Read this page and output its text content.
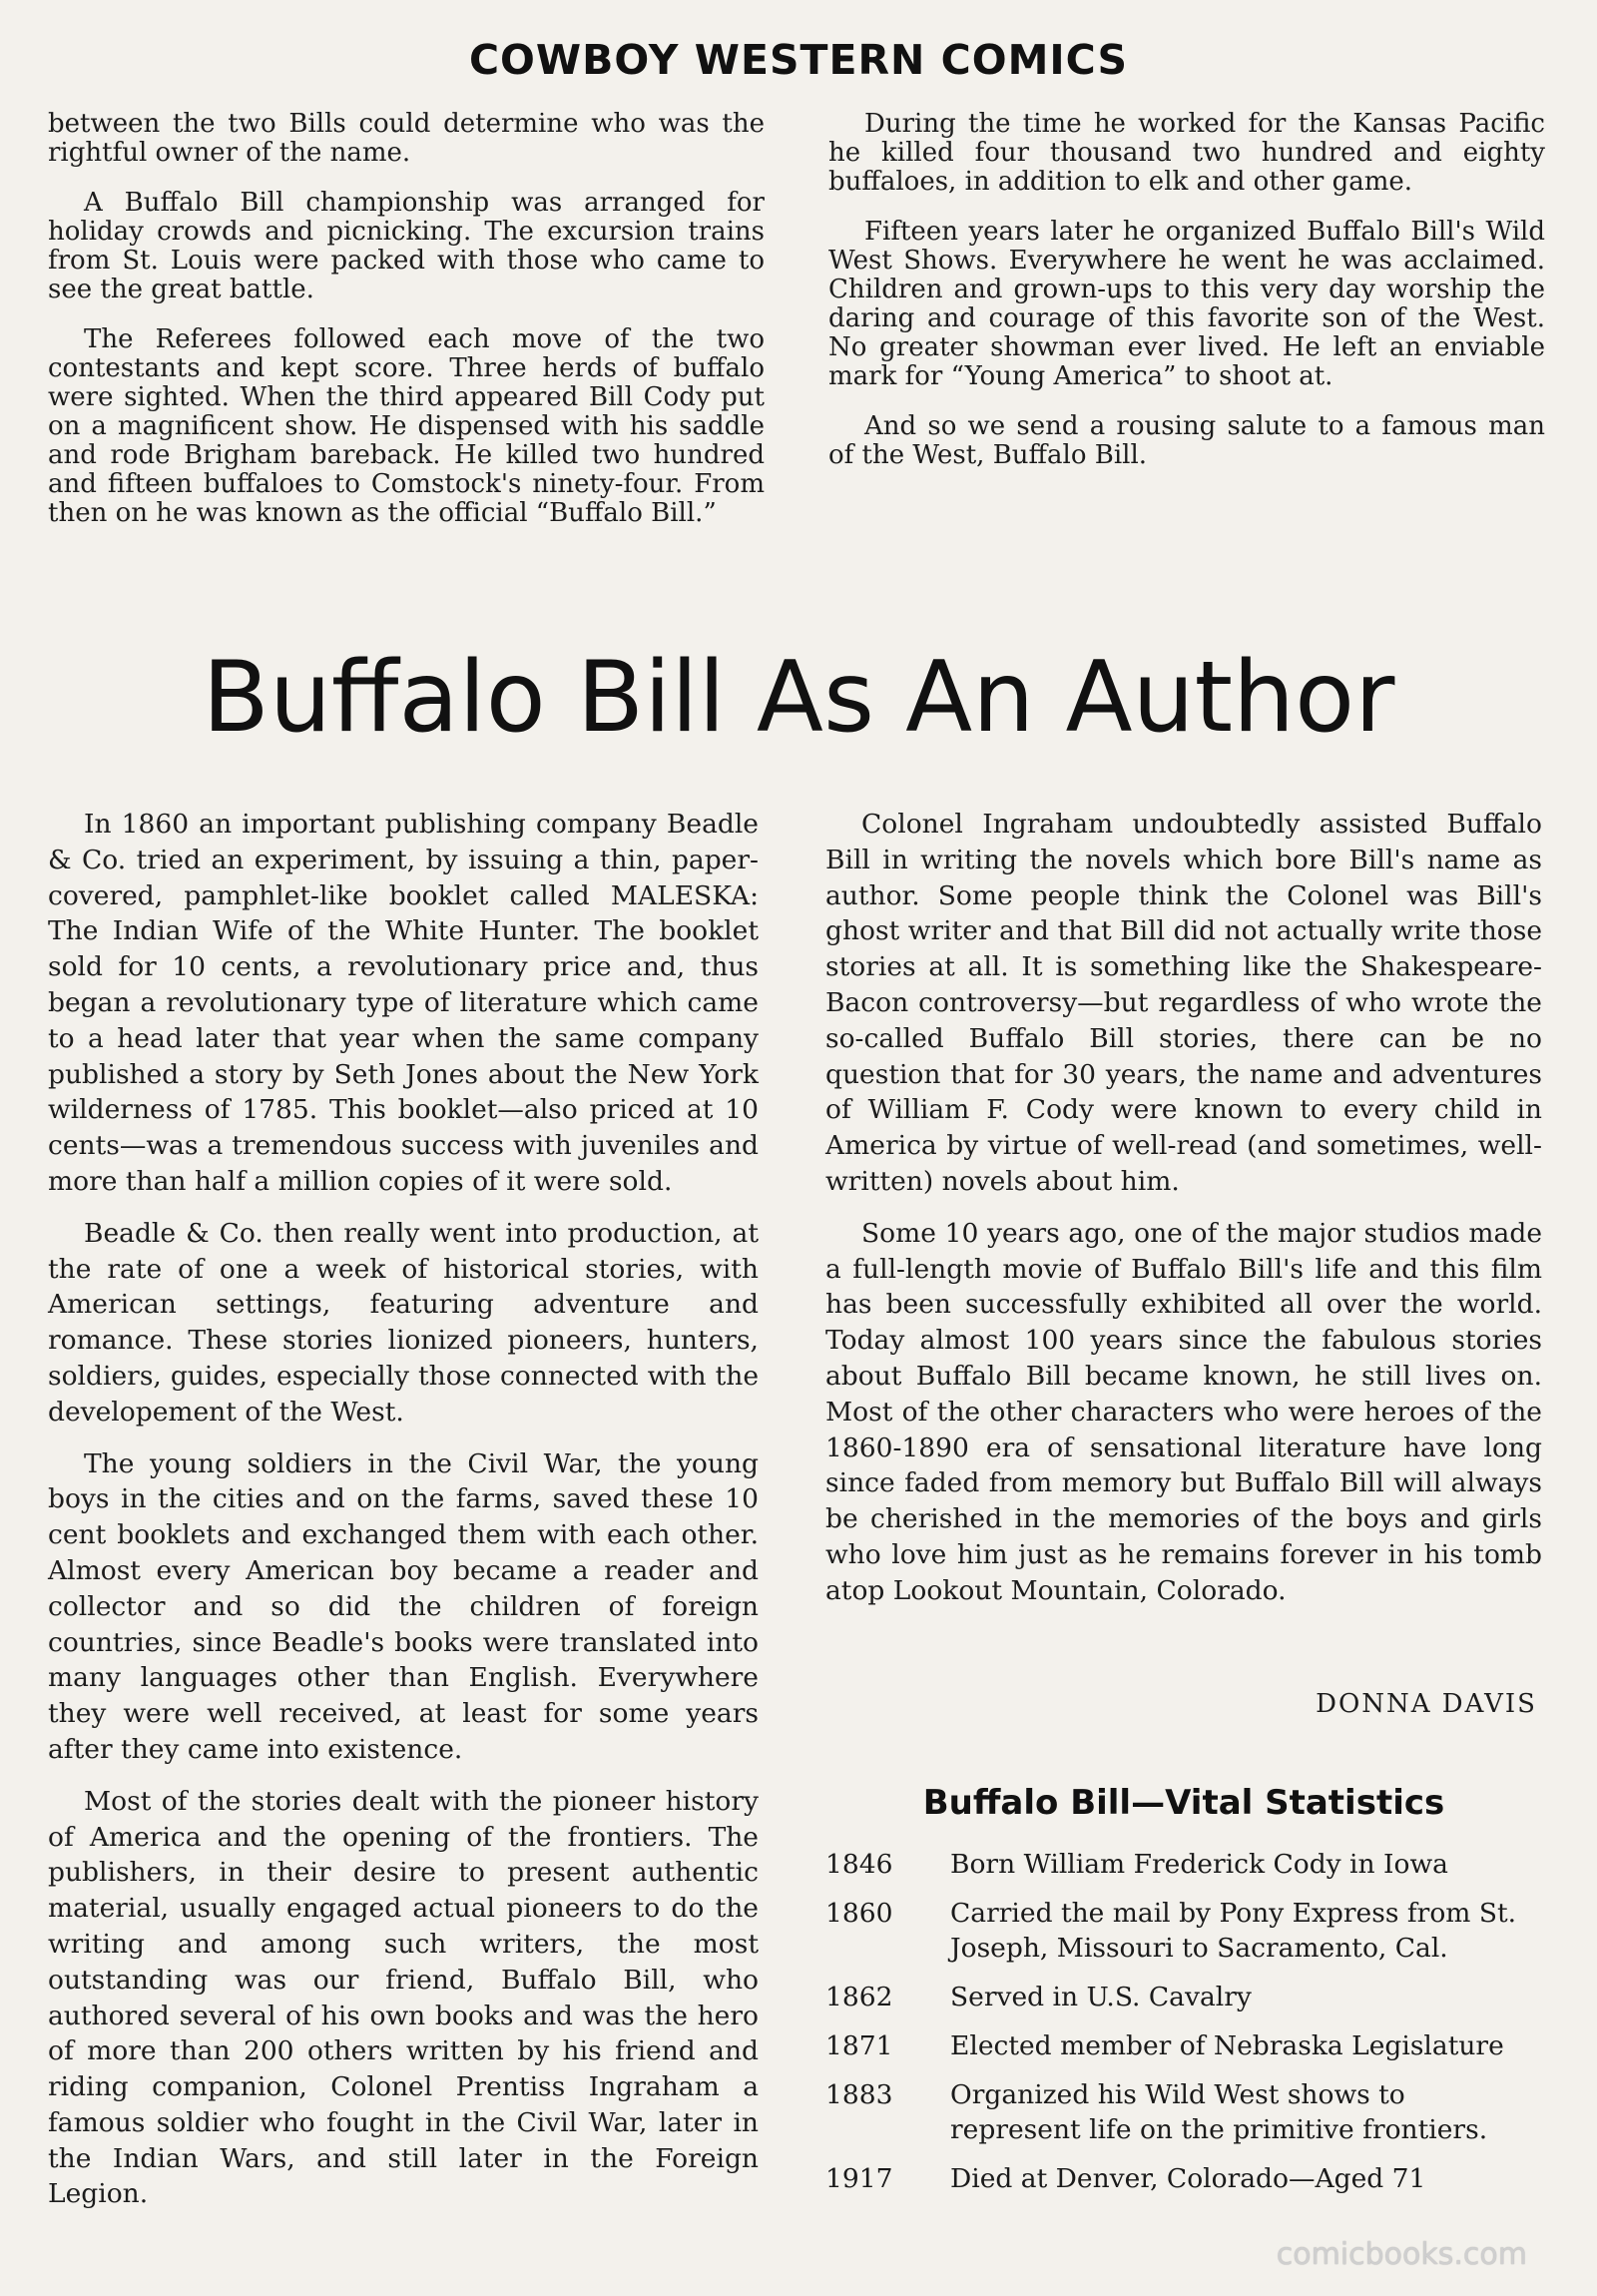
COWBOY WESTERN COMICS

between the two Bills could determine who was the rightful owner of the name.

A Buffalo Bill championship was arranged for holiday crowds and picnicking. The excursion trains from St. Louis were packed with those who came to see the great battle.

The Referees followed each move of the two contestants and kept score. Three herds of buffalo were sighted. When the third appeared Bill Cody put on a magnificent show. He dispensed with his saddle and rode Brigham bareback. He killed two hundred and fifteen buffaloes to Comstock's ninety-four. From then on he was known as the official “Buffalo Bill.”

During the time he worked for the Kansas Pacific he killed four thousand two hundred and eighty buffaloes, in addition to elk and other game.

Fifteen years later he organized Buffalo Bill's Wild West Shows. Everywhere he went he was acclaimed. Children and grown-ups to this very day worship the daring and courage of this favorite son of the West. No greater showman ever lived. He left an enviable mark for “Young America” to shoot at.

And so we send a rousing salute to a famous man of the West, Buffalo Bill.

Buffalo Bill As An Author

In 1860 an important publishing company Beadle & Co. tried an experiment, by issuing a thin, paper-covered, pamphlet-like booklet called MALESKA: The Indian Wife of the White Hunter. The booklet sold for 10 cents, a revolutionary price and, thus began a revolutionary type of literature which came to a head later that year when the same company published a story by Seth Jones about the New York wilderness of 1785. This booklet—also priced at 10 cents—was a tremendous success with juveniles and more than half a million copies of it were sold.

Beadle & Co. then really went into production, at the rate of one a week of historical stories, with American settings, featuring adventure and romance. These stories lionized pioneers, hunters, soldiers, guides, especially those connected with the developement of the West.

The young soldiers in the Civil War, the young boys in the cities and on the farms, saved these 10 cent booklets and exchanged them with each other. Almost every American boy became a reader and collector and so did the children of foreign countries, since Beadle's books were translated into many languages other than English. Everywhere they were well received, at least for some years after they came into existence.

Most of the stories dealt with the pioneer history of America and the opening of the frontiers. The publishers, in their desire to present authentic material, usually engaged actual pioneers to do the writing and among such writers, the most outstanding was our friend, Buffalo Bill, who authored several of his own books and was the hero of more than 200 others written by his friend and riding companion, Colonel Prentiss Ingraham a famous soldier who fought in the Civil War, later in the Indian Wars, and still later in the Foreign Legion.

Colonel Ingraham undoubtedly assisted Buffalo Bill in writing the novels which bore Bill's name as author. Some people think the Colonel was Bill's ghost writer and that Bill did not actually write those stories at all. It is something like the Shakespeare-Bacon controversy—but regardless of who wrote the so-called Buffalo Bill stories, there can be no question that for 30 years, the name and adventures of William F. Cody were known to every child in America by virtue of well-read (and sometimes, well-written) novels about him.

Some 10 years ago, one of the major studios made a full-length movie of Buffalo Bill's life and this film has been successfully exhibited all over the world. Today almost 100 years since the fabulous stories about Buffalo Bill became known, he still lives on. Most of the other characters who were heroes of the 1860-1890 era of sensational literature have long since faded from memory but Buffalo Bill will always be cherished in the memories of the boys and girls who love him just as he remains forever in his tomb atop Lookout Mountain, Colorado.

DONNA DAVIS
Buffalo Bill—Vital Statistics
1846	Born William Frederick Cody in Iowa
1860	Carried the mail by Pony Express from St. Joseph, Missouri to Sacramento, Cal.
1862	Served in U.S. Cavalry
1871	Elected member of Nebraska Legislature
1883	Organized his Wild West shows to represent life on the primitive frontiers.
1917	Died at Denver, Colorado—Aged 71
comicbooks.com
